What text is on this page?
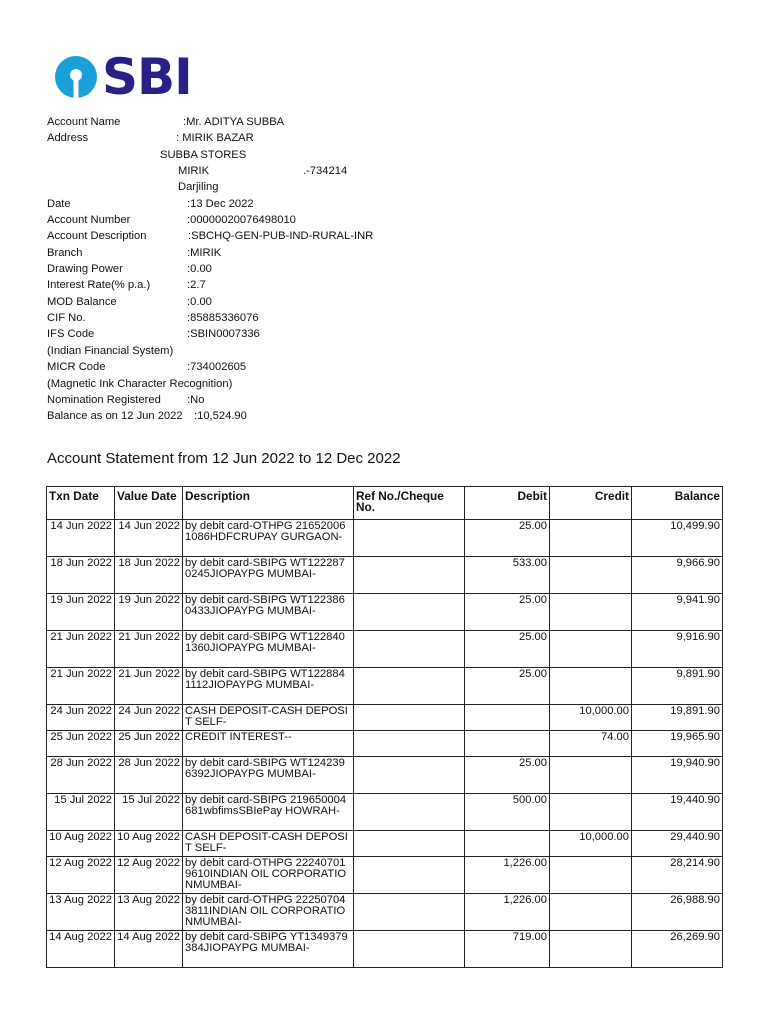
SBI
Account Name	:Mr. ADITYA SUBBA
Address	: MIRIK BAZAR
SUBBA STORES
MIRIK	.-734214
Darjiling
Date	:13 Dec 2022
Account Number	:00000020076498010
Account Description	:SBCHQ-GEN-PUB-IND-RURAL-INR
Branch	:MIRIK
Drawing Power	:0.00
Interest Rate(% p.a.)	:2.7
MOD Balance	:0.00
CIF No.	:85885336076
IFS Code	:SBIN0007336
(Indian Financial System)
MICR Code	:734002605
(Magnetic Ink Character Recognition)
Nomination Registered :No
Balance as on 12 Jun 2022 :10,524.90
Account Statement from 12 Jun 2022 to 12 Dec 2022
Txn Date	Value Date	Description	Ref No./Cheque No.	Debit	Credit	Balance
14 Jun 2022	14 Jun 2022	by debit card-OTHPG 216520061086HDFCRUPAY GURGAON-		25.00		10,499.90
18 Jun 2022	18 Jun 2022	by debit card-SBIPG WT1222870245JIOPAYPG MUMBAI-		533.00		9,966.90
19 Jun 2022	19 Jun 2022	by debit card-SBIPG WT1223860433JIOPAYPG MUMBAI-		25.00		9,941.90
21 Jun 2022	21 Jun 2022	by debit card-SBIPG WT1228401360JIOPAYPG MUMBAI-		25.00		9,916.90
21 Jun 2022	21 Jun 2022	by debit card-SBIPG WT1228841112JIOPAYPG MUMBAI-		25.00		9,891.90
24 Jun 2022	24 Jun 2022	CASH DEPOSIT-CASH DEPOSIT SELF-			10,000.00	19,891.90
25 Jun 2022	25 Jun 2022	CREDIT INTEREST--			74.00	19,965.90
28 Jun 2022	28 Jun 2022	by debit card-SBIPG WT1242396392JIOPAYPG MUMBAI-		25.00		19,940.90
15 Jul 2022	15 Jul 2022	by debit card-SBIPG 219650004681wbfimsSBIePay HOWRAH-		500.00		19,440.90
10 Aug 2022	10 Aug 2022	CASH DEPOSIT-CASH DEPOSIT SELF-			10,000.00	29,440.90
12 Aug 2022	12 Aug 2022	by debit card-OTHPG 222407019610INDIAN OIL CORPORATIONMUMBAI-		1,226.00		28,214.90
13 Aug 2022	13 Aug 2022	by debit card-OTHPG 222507043811INDIAN OIL CORPORATIONMUMBAI-		1,226.00		26,988.90
14 Aug 2022	14 Aug 2022	by debit card-SBIPG YT1349379384JIOPAYPG MUMBAI-		719.00		26,269.90
